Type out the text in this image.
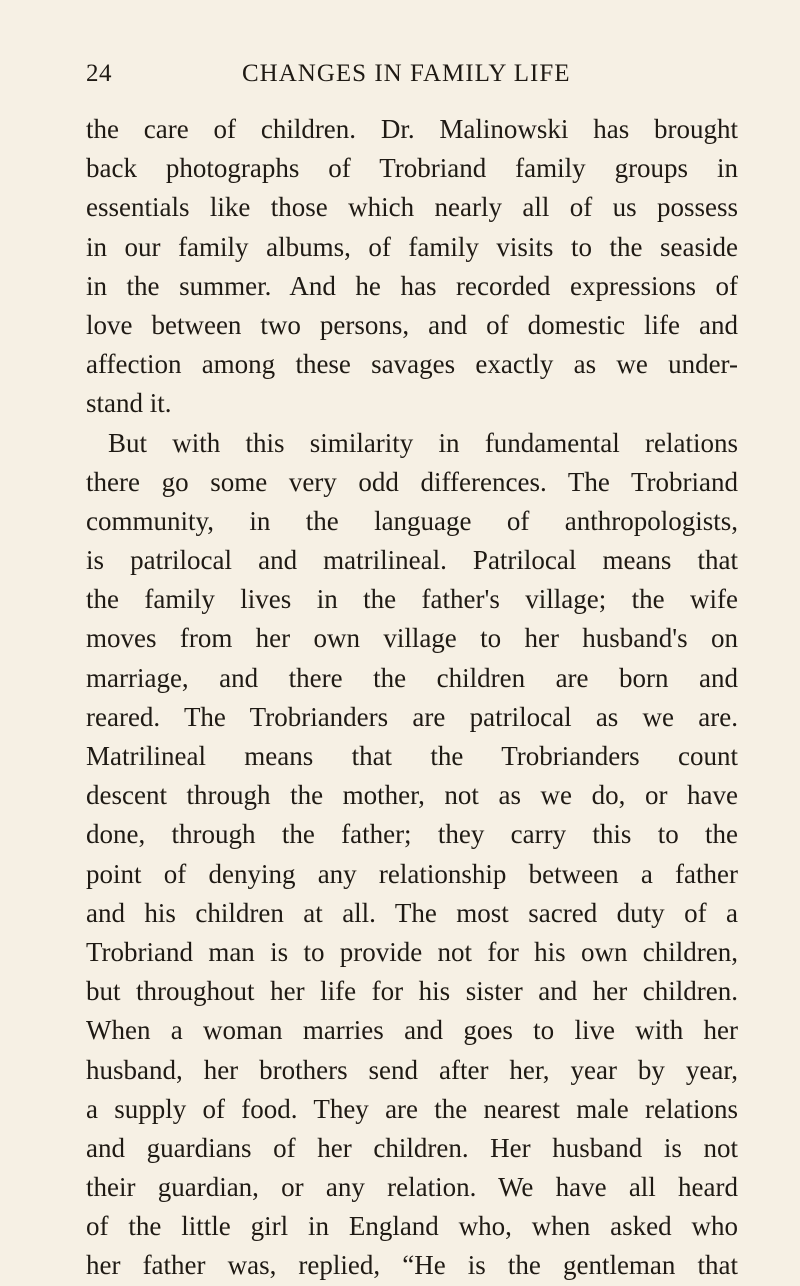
24	CHANGES IN FAMILY LIFE
the care of children. Dr. Malinowski has brought
back photographs of Trobriand family groups in
essentials like those which nearly all of us possess
in our family albums, of family visits to the seaside
in the summer. And he has recorded expressions of
love between two persons, and of domestic life and
affection among these savages exactly as we under-
stand it.
But with this similarity in fundamental relations
there go some very odd differences. The Trobriand
community, in the language of anthropologists,
is patrilocal and matrilineal. Patrilocal means that
the family lives in the father's village; the wife
moves from her own village to her husband's on
marriage, and there the children are born and
reared. The Trobrianders are patrilocal as we are.
Matrilineal means that the Trobrianders count
descent through the mother, not as we do, or have
done, through the father; they carry this to the
point of denying any relationship between a father
and his children at all. The most sacred duty of a
Trobriand man is to provide not for his own children,
but throughout her life for his sister and her children.
When a woman marries and goes to live with her
husband, her brothers send after her, year by year,
a supply of food. They are the nearest male relations
and guardians of her children. Her husband is not
their guardian, or any relation. We have all heard
of the little girl in England who, when asked who
her father was, replied, “He is the gentleman that
